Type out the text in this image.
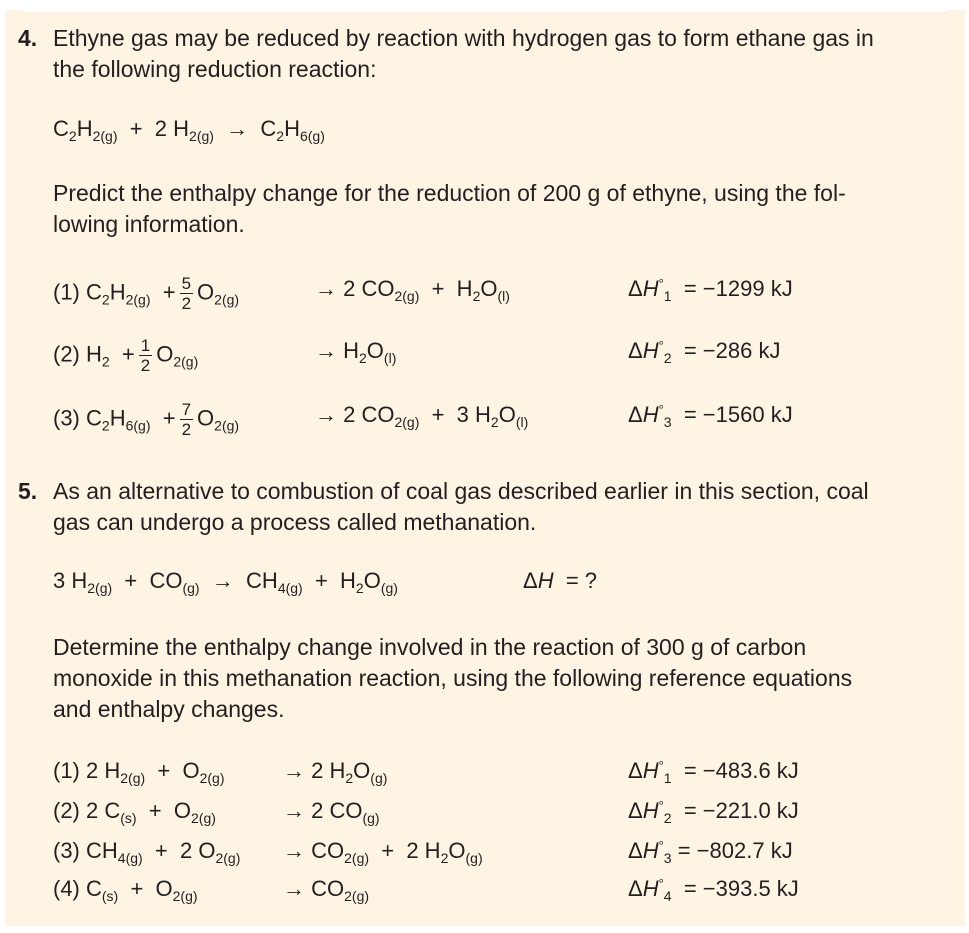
4. Ethyne gas may be reduced by reaction with hydrogen gas to form ethane gas in
the following reduction reaction:
$C_2H_{2(g)} + 2$ $H_{2(g)} \to C_2H_{6(g)}$
Predict the enthalpy change for the reduction of 200 g of ethyne, using the fol-
lowing information.
(1) $C_2H_{2(g)} + \frac{5}{2} O_{2(g)}$	→ 2 $CO_{2(g)} + H_2O_{(l)}$	$\Delta H^\circ_1 = -1299$ kJ
(2) $H_2 + \frac{1}{2} O_{2(g)}$	→ $H_2O_{(l)}$	$\Delta H^\circ_2 = -286$ kJ
(3) $C_2H_{6(g)} + \frac{7}{2} O_{2(g)}$	→ 2 $CO_{2(g)} + 3$ $H_2O_{(l)}$	$\Delta H^\circ_3 = -1560$ kJ
5. As an alternative to combustion of coal gas described earlier in this section, coal
gas can undergo a process called methanation.
3 $H_{2(g)} + CO_{(g)} \to CH_{4(g)} + H_2O_{(g)}$	ΔH = ?
Determine the enthalpy change involved in the reaction of 300 g of carbon
monoxide in this methanation reaction, using the following reference equations
and enthalpy changes.
(1) 2 $H_{2(g)} + O_{2(g)}$	→ 2 $H_2O_{(g)}$	$\Delta H^\circ_1 = -483.6$ kJ
(2) 2 $C_{(s)} + O_{2(g)}$	→ 2 $CO_{(g)}$	$\Delta H^\circ_2 = -221.0$ kJ
(3) $CH_{4(g)} + 2$ $O_{2(g)} \to CO_{2(g)} + 2$ $H_2O_{(g)}$	$\Delta H^\circ_3 = -802.7$ kJ
(4) $C_{(s)} + O_{2(g)}$	→ $CO_{2(g)}$	$\Delta H^\circ_4 = -393.5$ kJ
